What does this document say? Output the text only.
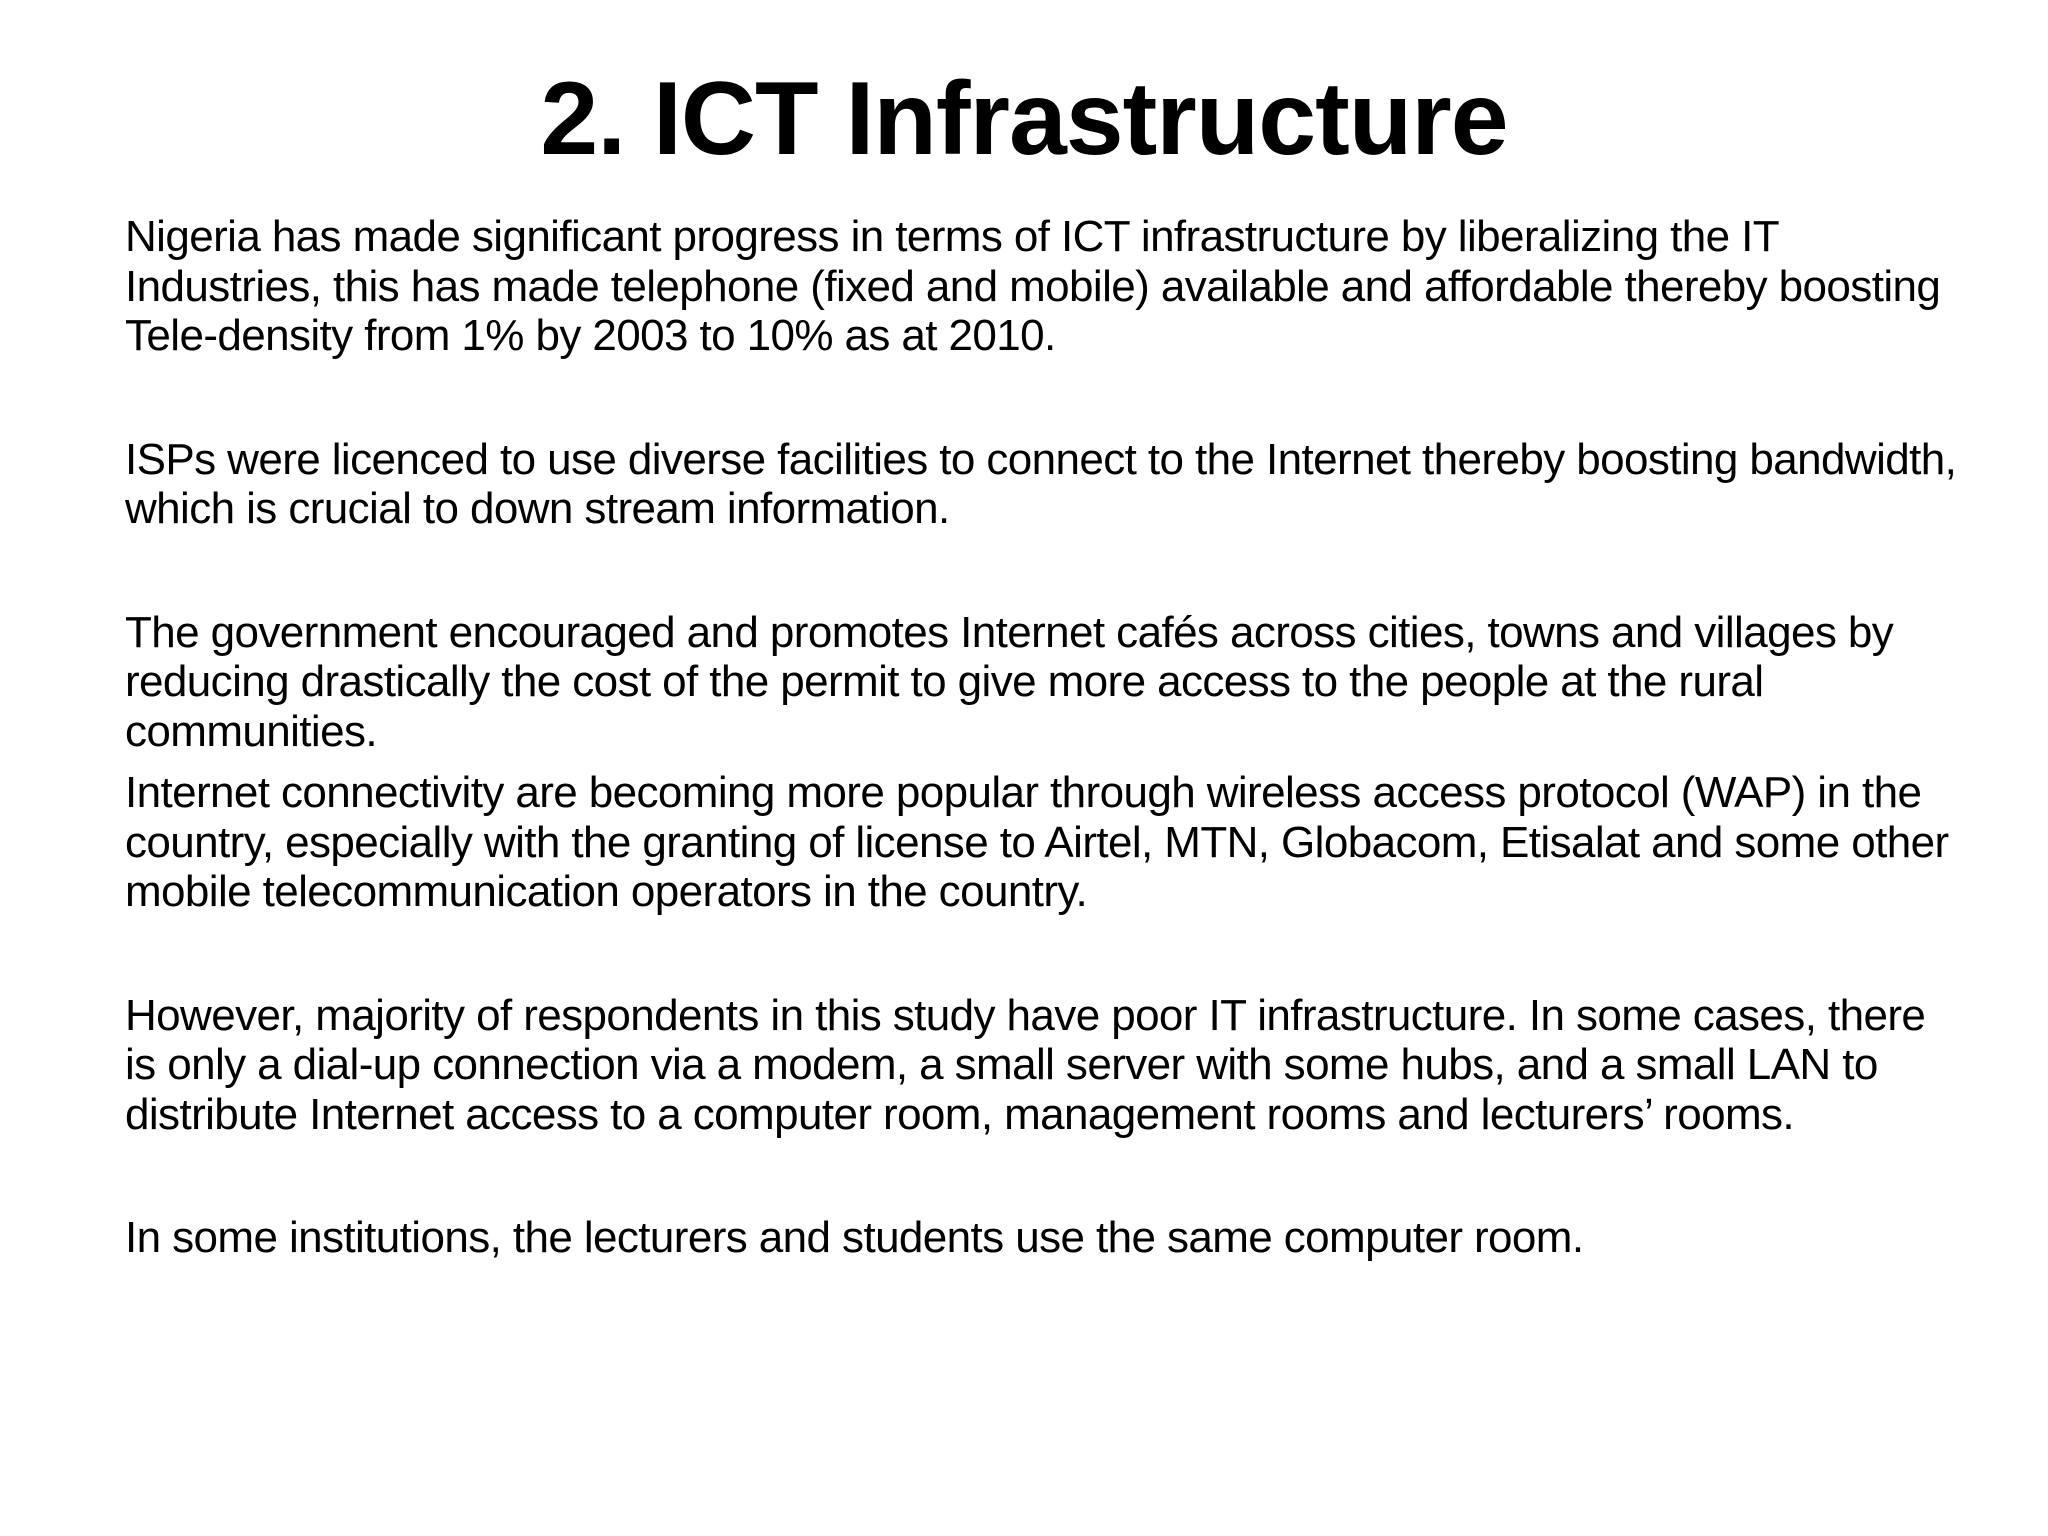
2. ICT Infrastructure

Nigeria has made significant progress in terms of ICT infrastructure by liberalizing the IT Industries, this has made telephone (fixed and mobile) available and affordable thereby boosting Tele-density from 1% by 2003 to 10% as at 2010.

ISPs were licenced to use diverse facilities to connect to the Internet thereby boosting bandwidth, which is crucial to down stream information.

The government encouraged and promotes Internet cafés across cities, towns and villages by reducing drastically the cost of the permit to give more access to the people at the rural communities.

Internet connectivity are becoming more popular through wireless access protocol (WAP) in the country, especially with the granting of license to Airtel, MTN, Globacom, Etisalat and some other mobile telecommunication operators in the country.

However, majority of respondents in this study have poor IT infrastructure. In some cases, there is only a dial-up connection via a modem, a small server with some hubs, and a small LAN to distribute Internet access to a computer room, management rooms and lecturers’ rooms.

In some institutions, the lecturers and students use the same computer room.
